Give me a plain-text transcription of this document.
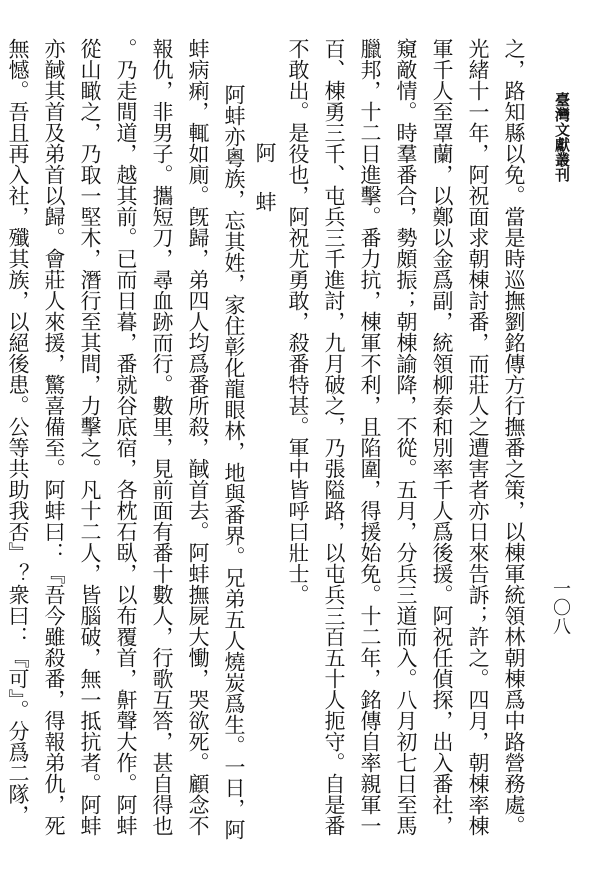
臺灣文獻叢刊
一〇八
之，路知縣以免。當是時巡撫劉銘傳方行撫番之策，以棟軍統領林朝棟爲中路營務處。
光緒十一年，阿祝面求朝棟討番，而莊人之遭害者亦日來告訴；許之。四月，朝棟率棟
軍千人至罩蘭，以鄭以金爲副，統領柳泰和別率千人爲後援。阿祝任偵探，出入番社，
窺敵情。時羣番合，勢頗振；朝棟諭降，不從。五月，分兵三道而入。八月初七日至馬
臘邦，十二日進擊。番力抗，棟軍不利，且陷圍，得援始免。十二年，銘傳自率親軍一
百、棟勇三千、屯兵三千進討，九月破之，乃張隘路，以屯兵三百五十人扼守。自是番
不敢出。是役也，阿祝尤勇敢，殺番特甚。軍中皆呼曰壯士。
阿蚌
阿蚌亦粵族，忘其姓，家住彰化龍眼林，地與番界。兄弟五人燒炭爲生。一日，阿
蚌病痢，輒如廁。旣歸，弟四人均爲番所殺，馘首去。阿蚌撫屍大慟，哭欲死。顧念不
報仇，非男子。攜短刀，尋血跡而行。數里，見前面有番十數人，行歌互答，甚自得也
。乃走間道，越其前。已而日暮，番就谷底宿，各枕石臥，以布覆首，鼾聲大作。阿蚌
從山瞰之，乃取一堅木，潛行至其間，力擊之。凡十二人，皆腦破，無一抵抗者。阿蚌
亦馘其首及弟首以歸。會莊人來援，驚喜備至。阿蚌曰：『吾今雖殺番，得報弟仇，死
無憾。吾且再入社，殲其族，以絕後患。公等共助我否』？衆曰：『可』。分爲二隊，
